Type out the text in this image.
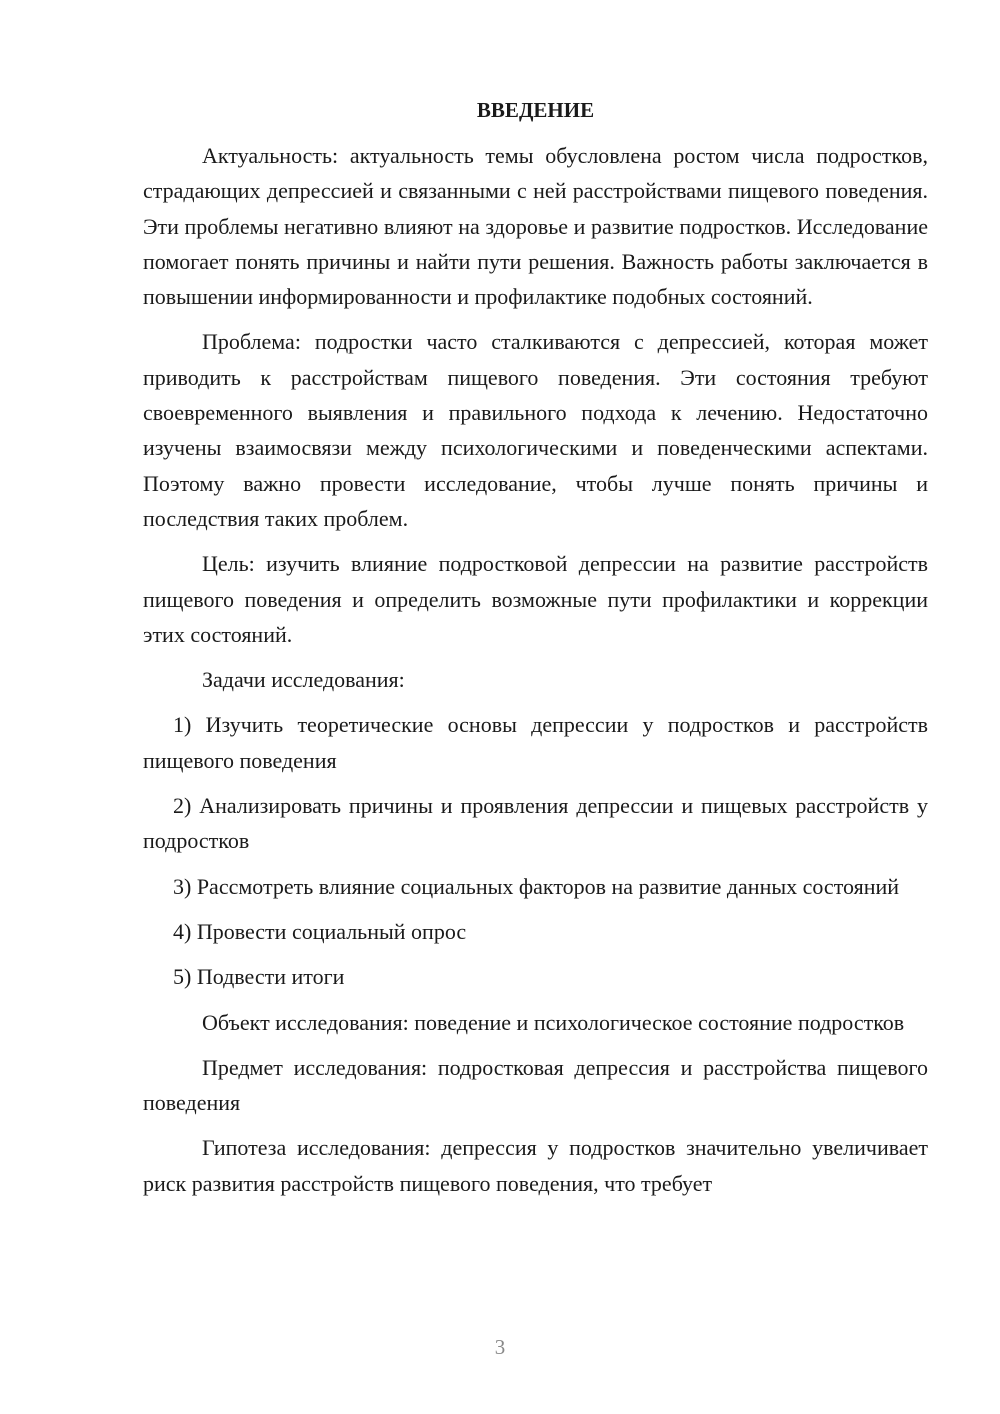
ВВЕДЕНИЕ

Актуальность: актуальность темы обусловлена ростом числа подростков, страдающих депрессией и связанными с ней расстройствами пищевого поведения. Эти проблемы негативно влияют на здоровье и развитие подростков. Исследование помогает понять причины и найти пути решения. Важность работы заключается в повышении информированности и профилактике подобных состояний.

Проблема: подростки часто сталкиваются с депрессией, которая может приводить к расстройствам пищевого поведения. Эти состояния требуют своевременного выявления и правильного подхода к лечению. Недостаточно изучены взаимосвязи между психологическими и поведенческими аспектами. Поэтому важно провести исследование, чтобы лучше понять причины и последствия таких проблем.

Цель: изучить влияние подростковой депрессии на развитие расстройств пищевого поведения и определить возможные пути профилактики и коррекции этих состояний.

Задачи исследования:

1) Изучить теоретические основы депрессии у подростков и расстройств пищевого поведения

2) Анализировать причины и проявления депрессии и пищевых расстройств у подростков

3) Рассмотреть влияние социальных факторов на развитие данных состояний

4) Провести социальный опрос

5) Подвести итоги

Объект исследования: поведение и психологическое состояние подростков

Предмет исследования: подростковая депрессия и расстройства пищевого поведения

Гипотеза исследования: депрессия у подростков значительно увеличивает риск развития расстройств пищевого поведения, что требует

3
